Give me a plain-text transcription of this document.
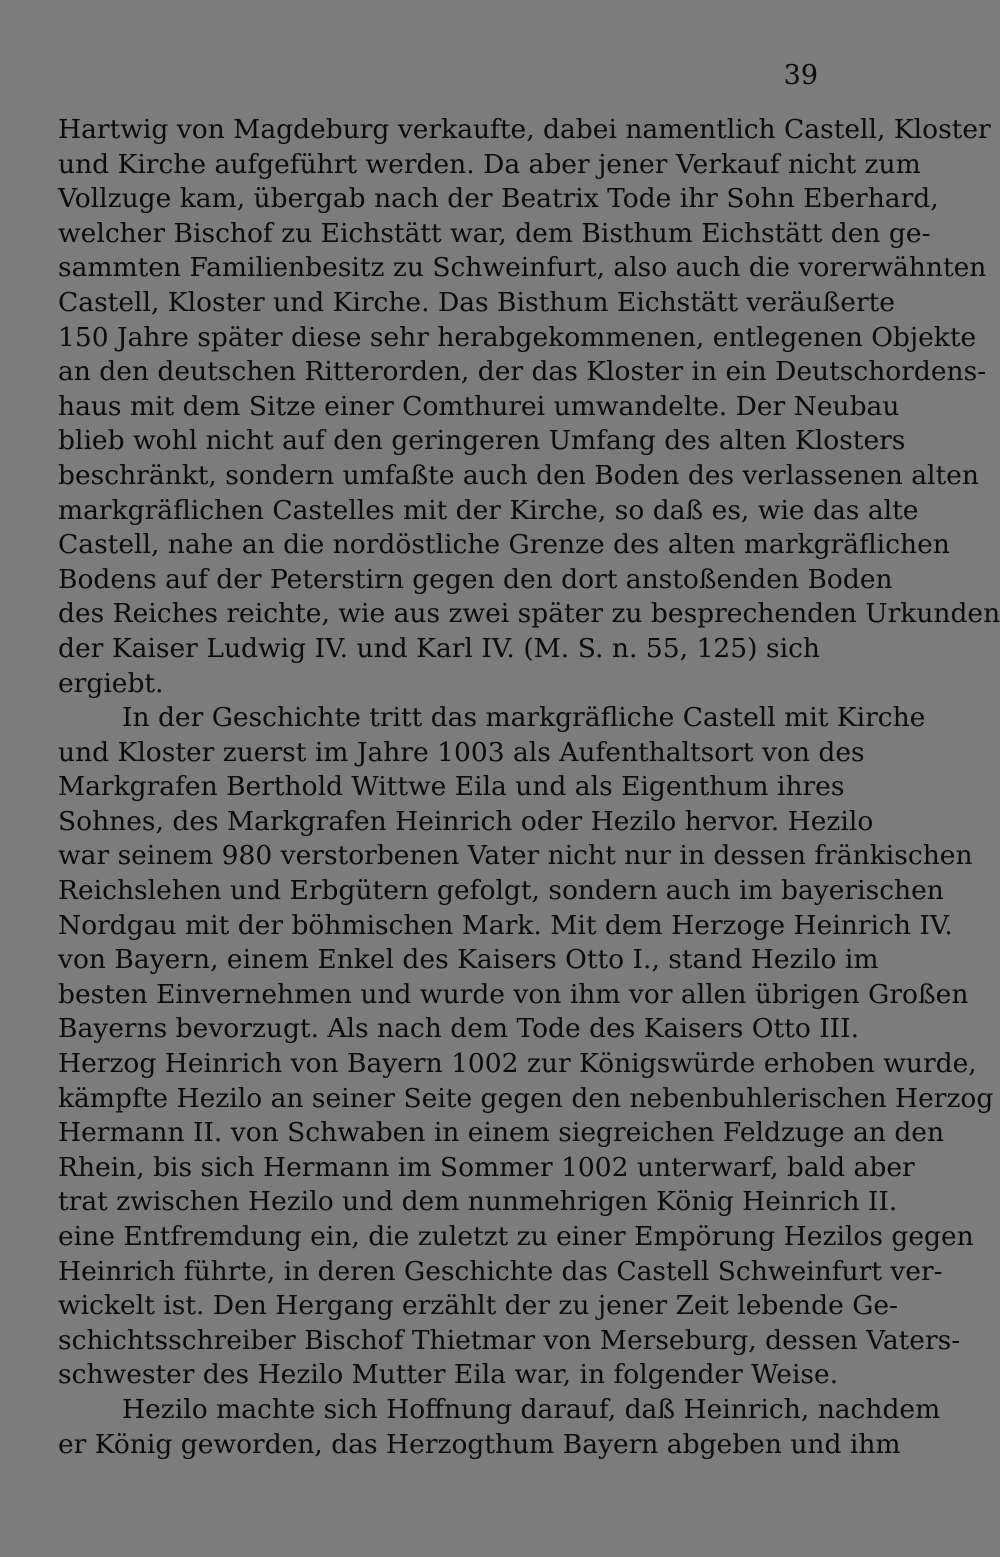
39
Hartwig von Magdeburg verkaufte, dabei namentlich Castell, Kloster
und Kirche aufgeführt werden. Da aber jener Verkauf nicht zum
Vollzuge kam, übergab nach der Beatrix Tode ihr Sohn Eberhard,
welcher Bischof zu Eichstätt war, dem Bisthum Eichstätt den ge-
sammten Familienbesitz zu Schweinfurt, also auch die vorerwähnten
Castell, Kloster und Kirche. Das Bisthum Eichstätt veräußerte
150 Jahre später diese sehr herabgekommenen, entlegenen Objekte
an den deutschen Ritterorden, der das Kloster in ein Deutschordens-
haus mit dem Sitze einer Comthurei umwandelte. Der Neubau
blieb wohl nicht auf den geringeren Umfang des alten Klosters
beschränkt, sondern umfaßte auch den Boden des verlassenen alten
markgräflichen Castelles mit der Kirche, so daß es, wie das alte
Castell, nahe an die nordöstliche Grenze des alten markgräflichen
Bodens auf der Peterstirn gegen den dort anstoßenden Boden
des Reiches reichte, wie aus zwei später zu besprechenden Urkunden
der Kaiser Ludwig IV. und Karl IV. (M. S. n. 55, 125) sich
ergiebt.
In der Geschichte tritt das markgräfliche Castell mit Kirche
und Kloster zuerst im Jahre 1003 als Aufenthaltsort von des
Markgrafen Berthold Wittwe Eila und als Eigenthum ihres
Sohnes, des Markgrafen Heinrich oder Hezilo hervor. Hezilo
war seinem 980 verstorbenen Vater nicht nur in dessen fränkischen
Reichslehen und Erbgütern gefolgt, sondern auch im bayerischen
Nordgau mit der böhmischen Mark. Mit dem Herzoge Heinrich IV.
von Bayern, einem Enkel des Kaisers Otto I., stand Hezilo im
besten Einvernehmen und wurde von ihm vor allen übrigen Großen
Bayerns bevorzugt. Als nach dem Tode des Kaisers Otto III.
Herzog Heinrich von Bayern 1002 zur Königswürde erhoben wurde,
kämpfte Hezilo an seiner Seite gegen den nebenbuhlerischen Herzog
Hermann II. von Schwaben in einem siegreichen Feldzuge an den
Rhein, bis sich Hermann im Sommer 1002 unterwarf, bald aber
trat zwischen Hezilo und dem nunmehrigen König Heinrich II.
eine Entfremdung ein, die zuletzt zu einer Empörung Hezilos gegen
Heinrich führte, in deren Geschichte das Castell Schweinfurt ver-
wickelt ist. Den Hergang erzählt der zu jener Zeit lebende Ge-
schichtsschreiber Bischof Thietmar von Merseburg, dessen Vaters-
schwester des Hezilo Mutter Eila war, in folgender Weise.
Hezilo machte sich Hoffnung darauf, daß Heinrich, nachdem
er König geworden, das Herzogthum Bayern abgeben und ihm
